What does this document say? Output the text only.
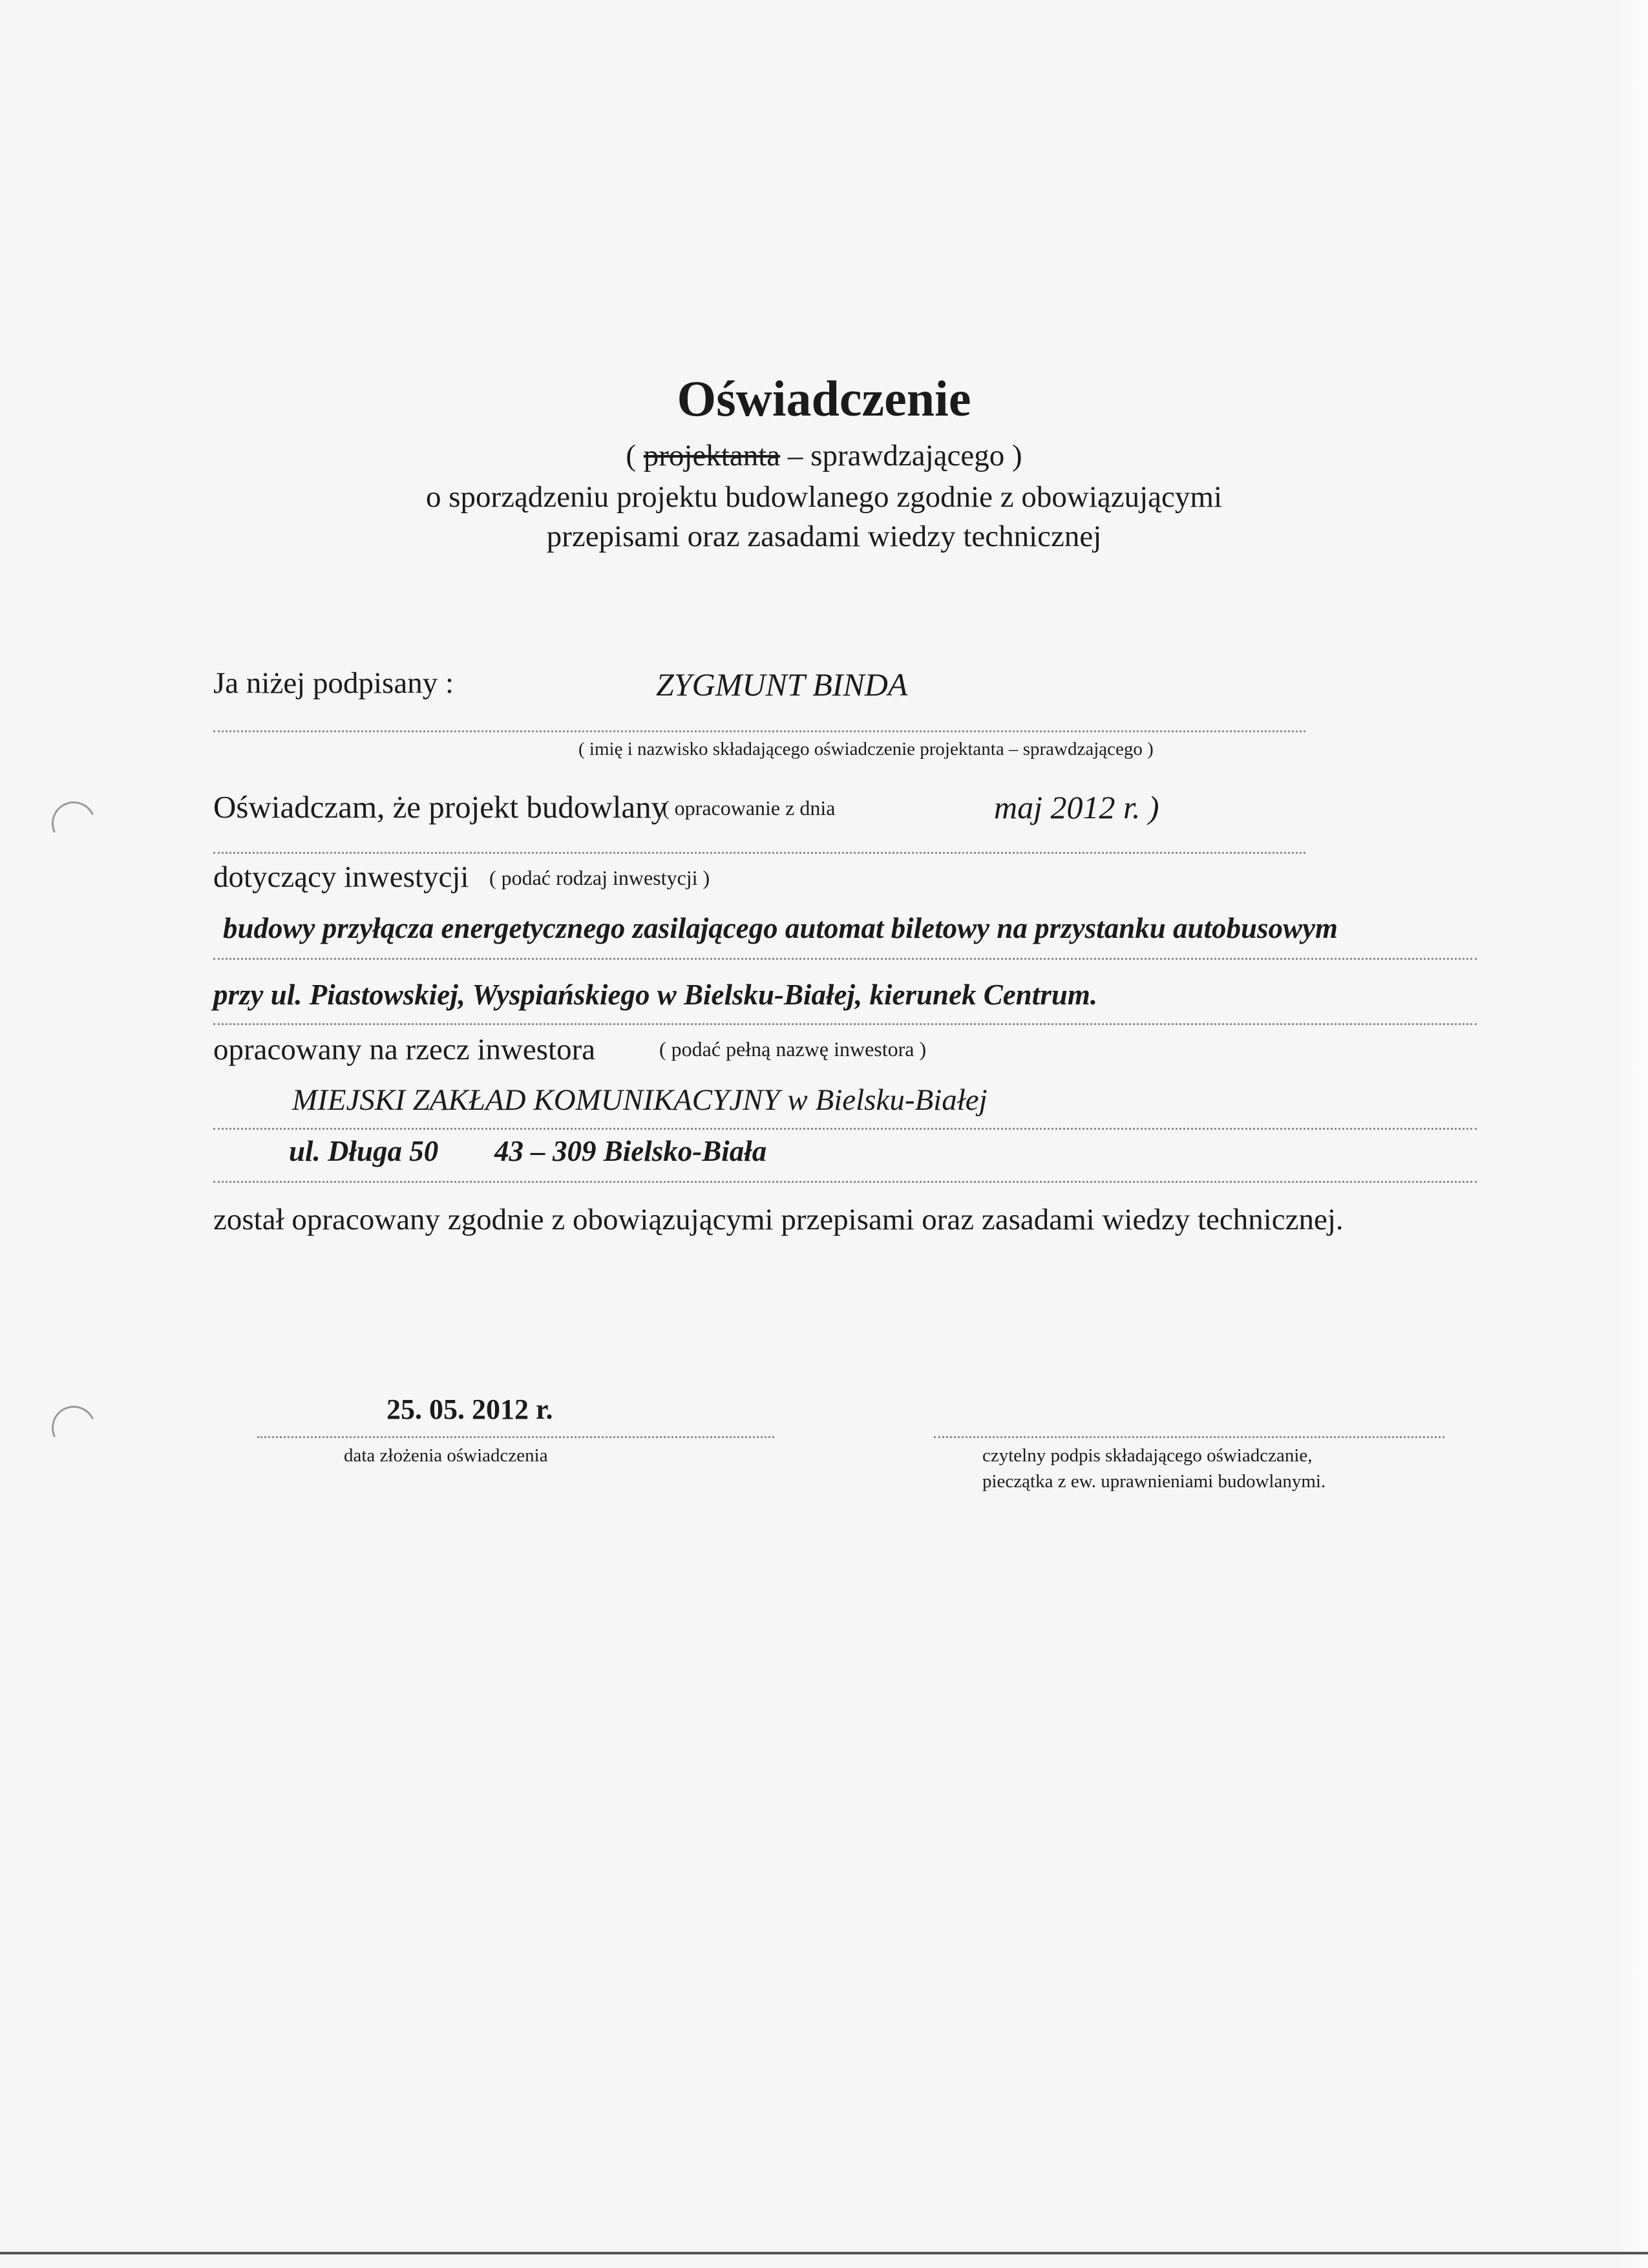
Oświadczenie
( projektanta – sprawdzającego )
o sporządzeniu projektu budowlanego zgodnie z obowiązującymi
przepisami oraz zasadami wiedzy technicznej
Ja niżej podpisany :	ZYGMUNT BINDA
( imię i nazwisko składającego oświadczenie projektanta – sprawdzającego )
Oświadczam, że projekt budowlany
( opracowanie z dnia	maj 2012 r. )
dotyczący inwestycji ( podać rodzaj inwestycji )
budowy przyłącza energetycznego zasilającego automat biletowy na przystanku autobusowym
przy ul. Piastowskiej, Wyspiańskiego w Bielsku-Białej, kierunek Centrum.
opracowany na rzecz inwestora	( podać pełną nazwę inwestora )
MIEJSKI ZAKŁAD KOMUNIKACYJNY w Bielsku-Białej
ul. Długa 50 43 – 309 Bielsko-Biała
został opracowany zgodnie z obowiązującymi przepisami oraz zasadami wiedzy technicznej.
25. 05. 2012 r.
data złożenia oświadczenia	czytelny podpis składającego oświadczanie,
pieczątka z ew. uprawnieniami budowlanymi.
